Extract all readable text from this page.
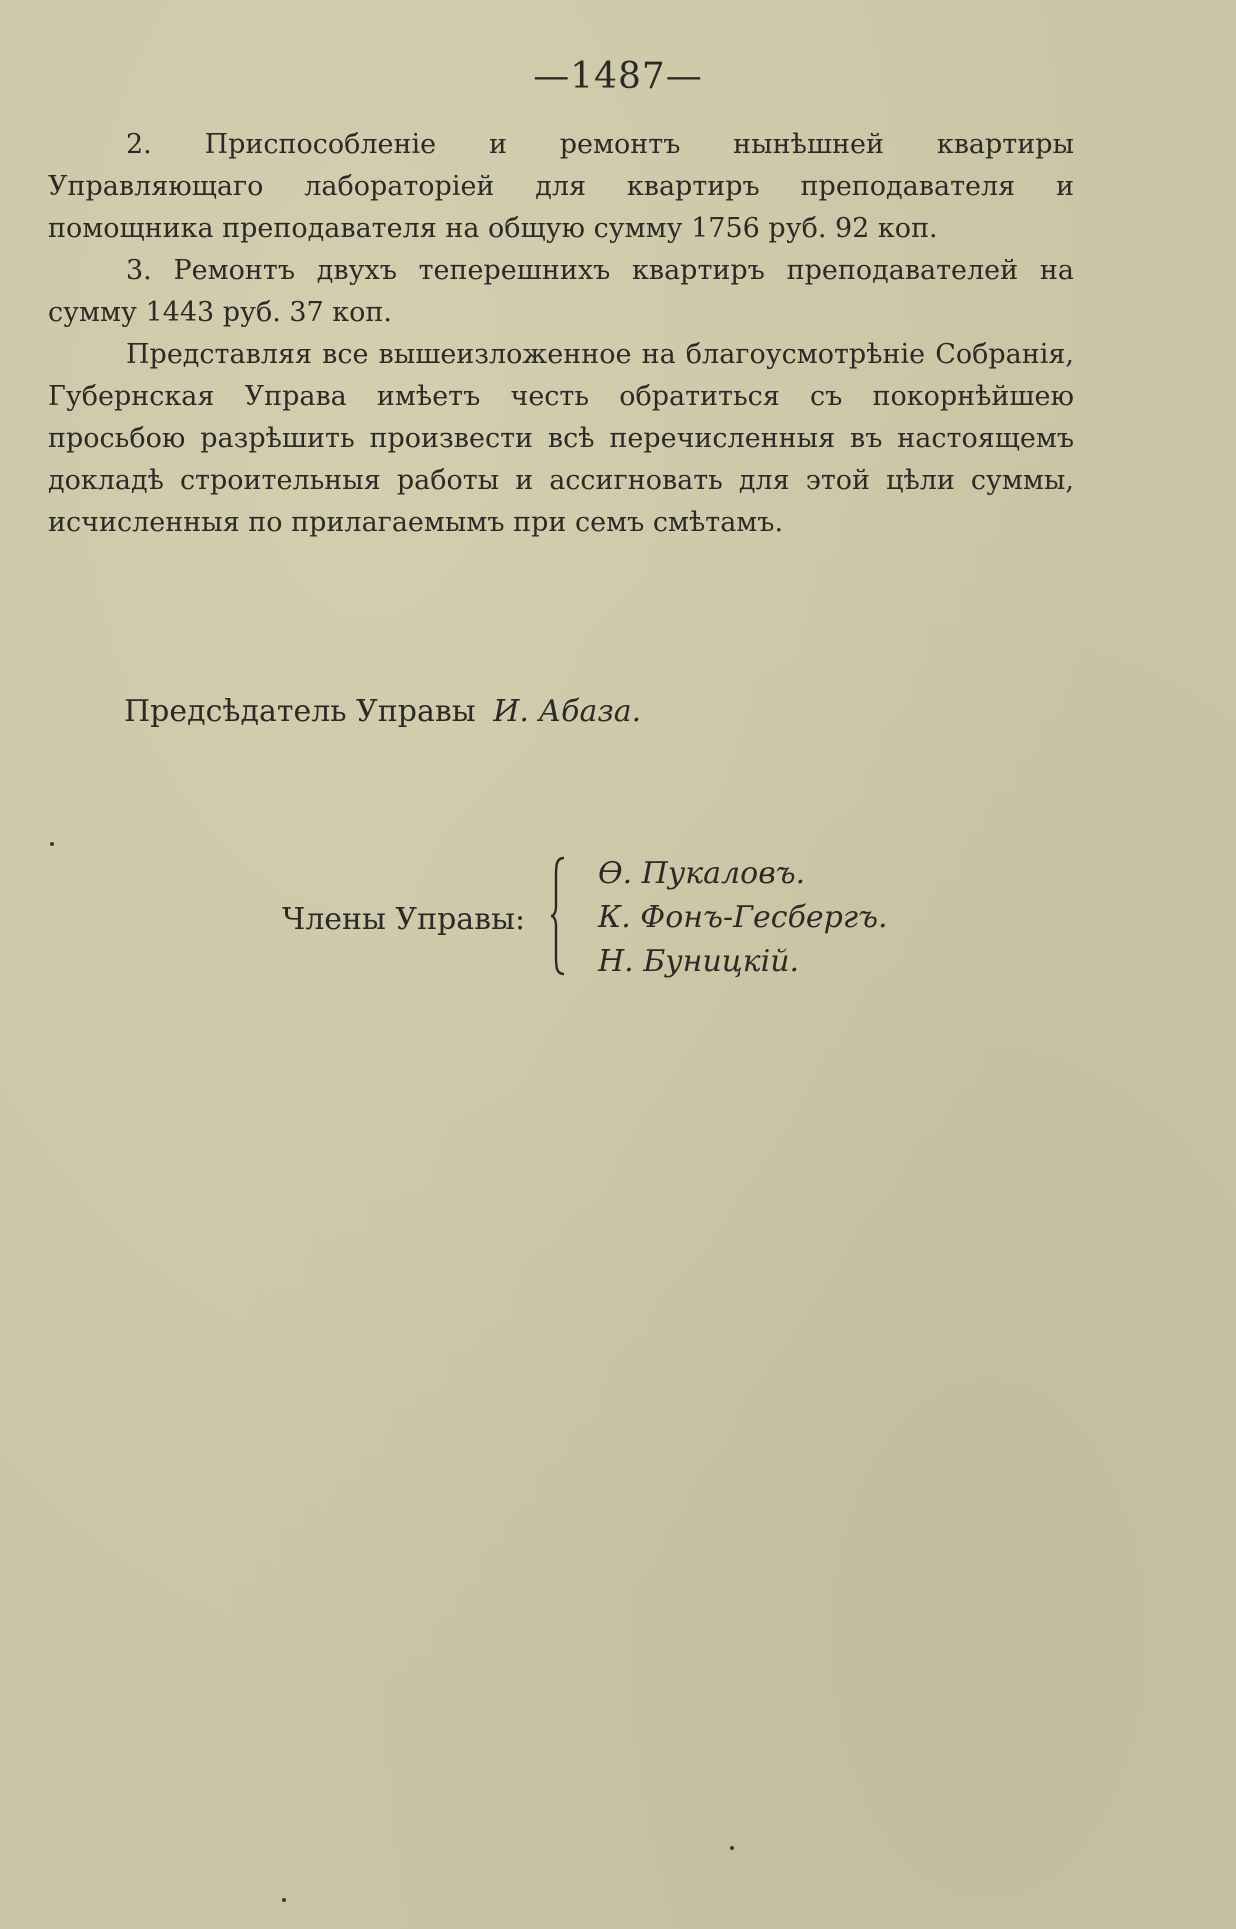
—1487—

2. Приспособленіе и ремонтъ нынѣшней квартиры Управляющаго лабораторіей для квартиръ преподавателя и помощника преподавателя на общую сумму 1756 руб. 92 коп.

3. Ремонтъ двухъ теперешнихъ квартиръ преподавателей на сумму 1443 руб. 37 коп.

Представляя все вышеизложенное на благоусмотрѣніе Собранія, Губернская Управа имѣетъ честь обратиться съ покорнѣйшею просьбою разрѣшить произвести всѣ перечисленныя въ настоящемъ докладѣ строительныя работы и ассигновать для этой цѣли суммы, исчисленныя по прилагаемымъ при семъ смѣтамъ.

Предсѣдатель Управы И. Абаза.
Члены Управы:
Ѳ. Пукаловъ.
К. Фонъ-Гесбергъ.
Н. Буницкій.
